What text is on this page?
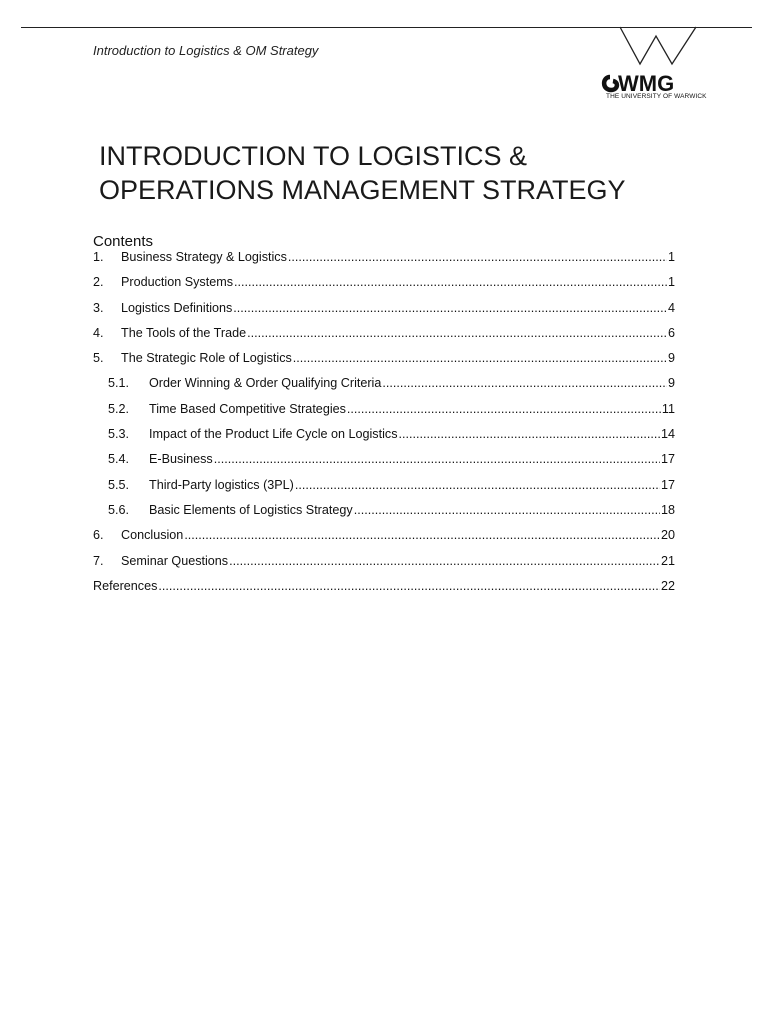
Introduction to Logistics & OM Strategy
WMG
THE UNIVERSITY OF WARWICK
INTRODUCTION TO LOGISTICS &
OPERATIONS MANAGEMENT STRATEGY
Contents
1.	Business Strategy & Logistics .....	1
2.	Production Systems .....	1
3.	Logistics Definitions .....	4
4.	The Tools of the Trade .....	6
5.	The Strategic Role of Logistics .....	9
5.1.	Order Winning & Order Qualifying Criteria .....	9
5.2.	Time Based Competitive Strategies .....	11
5.3.	Impact of the Product Life Cycle on Logistics .....	14
5.4.	E-Business .....	17
5.5.	Third-Party logistics (3PL) .....	17
5.6.	Basic Elements of Logistics Strategy .....	18
6.	Conclusion .....	20
7.	Seminar Questions .....	21
References .....	22
